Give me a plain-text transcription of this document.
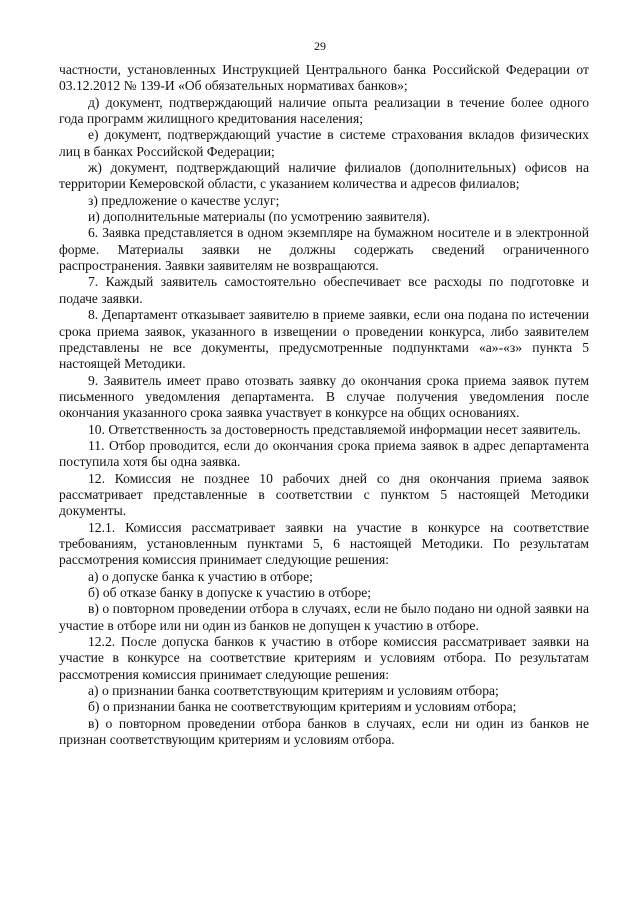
29

частности, установленных Инструкцией Центрального банка Российской Федерации от 03.12.2012 № 139-И «Об обязательных нормативах банков»;

д) документ, подтверждающий наличие опыта реализации в течение более одного года программ жилищного кредитования населения;

е) документ, подтверждающий участие в системе страхования вкладов физических лиц в банках Российской Федерации;

ж) документ, подтверждающий наличие филиалов (дополнительных) офисов на территории Кемеровской области, с указанием количества и адресов филиалов;

з) предложение о качестве услуг;

и) дополнительные материалы (по усмотрению заявителя).

6. Заявка представляется в одном экземпляре на бумажном носителе и в электронной форме. Материалы заявки не должны содержать сведений ограниченного распространения. Заявки заявителям не возвращаются.

7. Каждый заявитель самостоятельно обеспечивает все расходы по подготовке и подаче заявки.

8. Департамент отказывает заявителю в приеме заявки, если она подана по истечении срока приема заявок, указанного в извещении о проведении конкурса, либо заявителем представлены не все документы, предусмотренные подпунктами «а»-«з» пункта 5 настоящей Методики.

9. Заявитель имеет право отозвать заявку до окончания срока приема заявок путем письменного уведомления департамента. В случае получения уведомления после окончания указанного срока заявка участвует в конкурсе на общих основаниях.

10. Ответственность за достоверность представляемой информации несет заявитель.

11. Отбор проводится, если до окончания срока приема заявок в адрес департамента поступила хотя бы одна заявка.

12. Комиссия не позднее 10 рабочих дней со дня окончания приема заявок рассматривает представленные в соответствии с пунктом 5 настоящей Методики документы.

12.1. Комиссия рассматривает заявки на участие в конкурсе на соответствие требованиям, установленным пунктами 5, 6 настоящей Методики. По результатам рассмотрения комиссия принимает следующие решения:

а) о допуске банка к участию в отборе;

б) об отказе банку в допуске к участию в отборе;

в) о повторном проведении отбора в случаях, если не было подано ни одной заявки на участие в отборе или ни один из банков не допущен к участию в отборе.

12.2. После допуска банков к участию в отборе комиссия рассматривает заявки на участие в конкурсе на соответствие критериям и условиям отбора. По результатам рассмотрения комиссия принимает следующие решения:

а) о признании банка соответствующим критериям и условиям отбора;

б) о признании банка не соответствующим критериям и условиям отбора;

в) о повторном проведении отбора банков в случаях, если ни один из банков не признан соответствующим критериям и условиям отбора.
